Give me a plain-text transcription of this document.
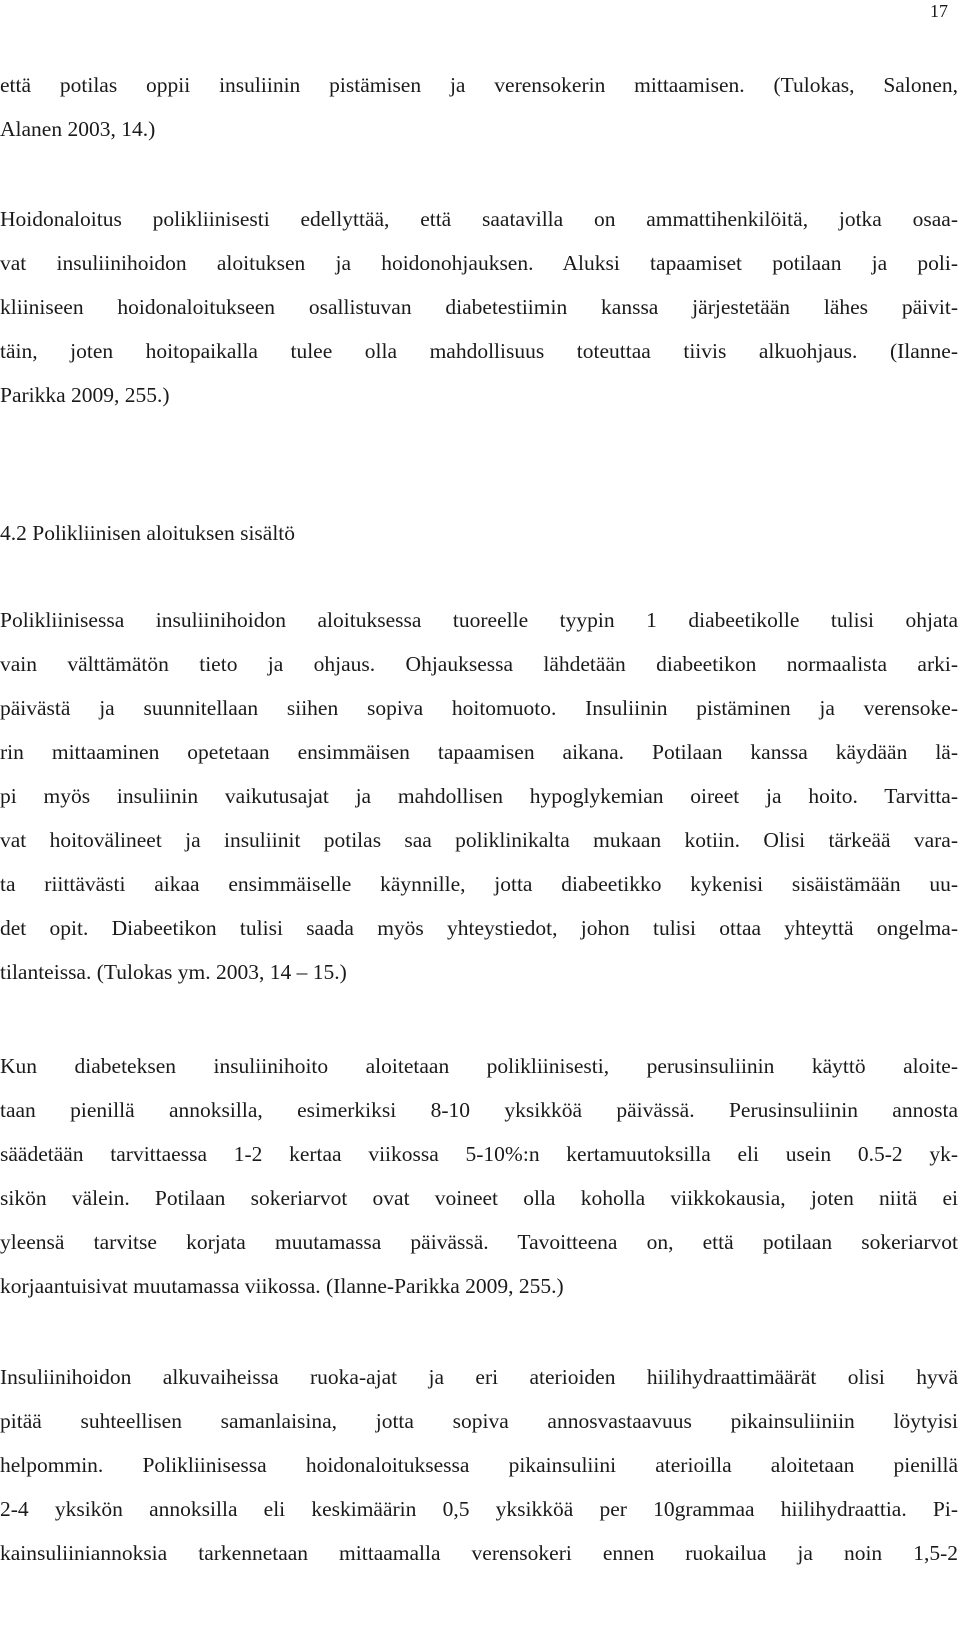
17
että potilas oppii insuliinin pistämisen ja verensokerin mittaamisen. (Tulokas, Salonen,
Alanen 2003, 14.)
Hoidonaloitus polikliinisesti edellyttää, että saatavilla on ammattihenkilöitä, jotka osaa-
vat insuliinihoidon aloituksen ja hoidonohjauksen. Aluksi tapaamiset potilaan ja poli-
kliiniseen hoidonaloitukseen osallistuvan diabetestiimin kanssa järjestetään lähes päivit-
täin, joten hoitopaikalla tulee olla mahdollisuus toteuttaa tiivis alkuohjaus. (Ilanne-
Parikka 2009, 255.)
4.2 Polikliinisen aloituksen sisältö
Polikliinisessa insuliinihoidon aloituksessa tuoreelle tyypin 1 diabeetikolle tulisi ohjata
vain välttämätön tieto ja ohjaus. Ohjauksessa lähdetään diabeetikon normaalista arki-
päivästä ja suunnitellaan siihen sopiva hoitomuoto. Insuliinin pistäminen ja verensoke-
rin mittaaminen opetetaan ensimmäisen tapaamisen aikana. Potilaan kanssa käydään lä-
pi myös insuliinin vaikutusajat ja mahdollisen hypoglykemian oireet ja hoito. Tarvitta-
vat hoitovälineet ja insuliinit potilas saa poliklinikalta mukaan kotiin. Olisi tärkeää vara-
ta riittävästi aikaa ensimmäiselle käynnille, jotta diabeetikko kykenisi sisäistämään uu-
det opit. Diabeetikon tulisi saada myös yhteystiedot, johon tulisi ottaa yhteyttä ongelma-
tilanteissa. (Tulokas ym. 2003, 14 – 15.)
Kun diabeteksen insuliinihoito aloitetaan polikliinisesti, perusinsuliinin käyttö aloite-
taan pienillä annoksilla, esimerkiksi 8-10 yksikköä päivässä. Perusinsuliinin annosta
säädetään tarvittaessa 1-2 kertaa viikossa 5-10%:n kertamuutoksilla eli usein 0.5-2 yk-
sikön välein. Potilaan sokeriarvot ovat voineet olla koholla viikkokausia, joten niitä ei
yleensä tarvitse korjata muutamassa päivässä. Tavoitteena on, että potilaan sokeriarvot
korjaantuisivat muutamassa viikossa. (Ilanne-Parikka 2009, 255.)
Insuliinihoidon alkuvaiheissa ruoka-ajat ja eri aterioiden hiilihydraattimäärät olisi hyvä
pitää suhteellisen samanlaisina, jotta sopiva annosvastaavuus pikainsuliiniin löytyisi
helpommin. Polikliinisessa hoidonaloituksessa pikainsuliini aterioilla aloitetaan pienillä
2-4 yksikön annoksilla eli keskimäärin 0,5 yksikköä per 10grammaa hiilihydraattia. Pi-
kainsuliiniannoksia tarkennetaan mittaamalla verensokeri ennen ruokailua ja noin 1,5-2
